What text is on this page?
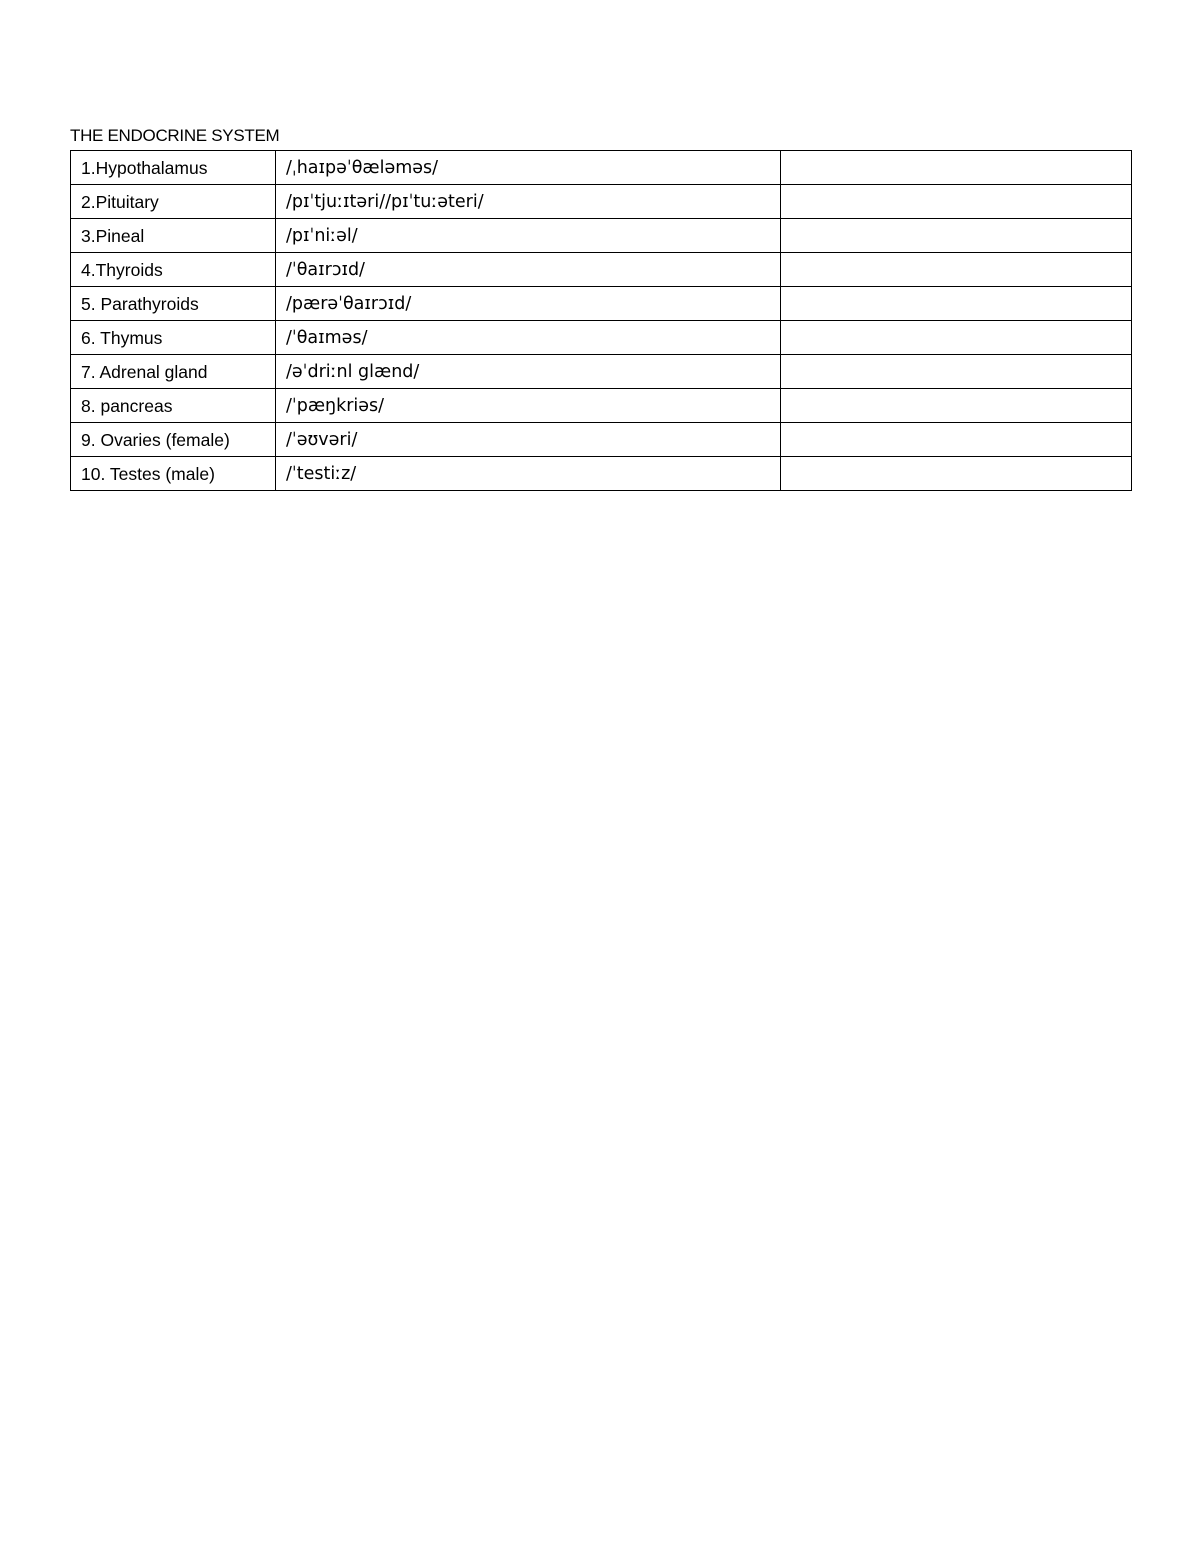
THE ENDOCRINE SYSTEM
1.Hypothalamus	/ˌhaɪpəˈθæləməs/	
2.Pituitary	/pɪˈtjuːɪtəri//pɪˈtuːəteri/	
3.Pineal	/pɪˈniːəl/	
4.Thyroids	/ˈθaɪrɔɪd/	
5. Parathyroids	/pærəˈθaɪrɔɪd/	
6. Thymus	/ˈθaɪməs/	
7. Adrenal gland	/əˈdriːnl glænd/	
8. pancreas	/ˈpæŋkriəs/	
9. Ovaries (female)	/ˈəʊvəri/	
10. Testes (male)	/ˈtestiːz/	
